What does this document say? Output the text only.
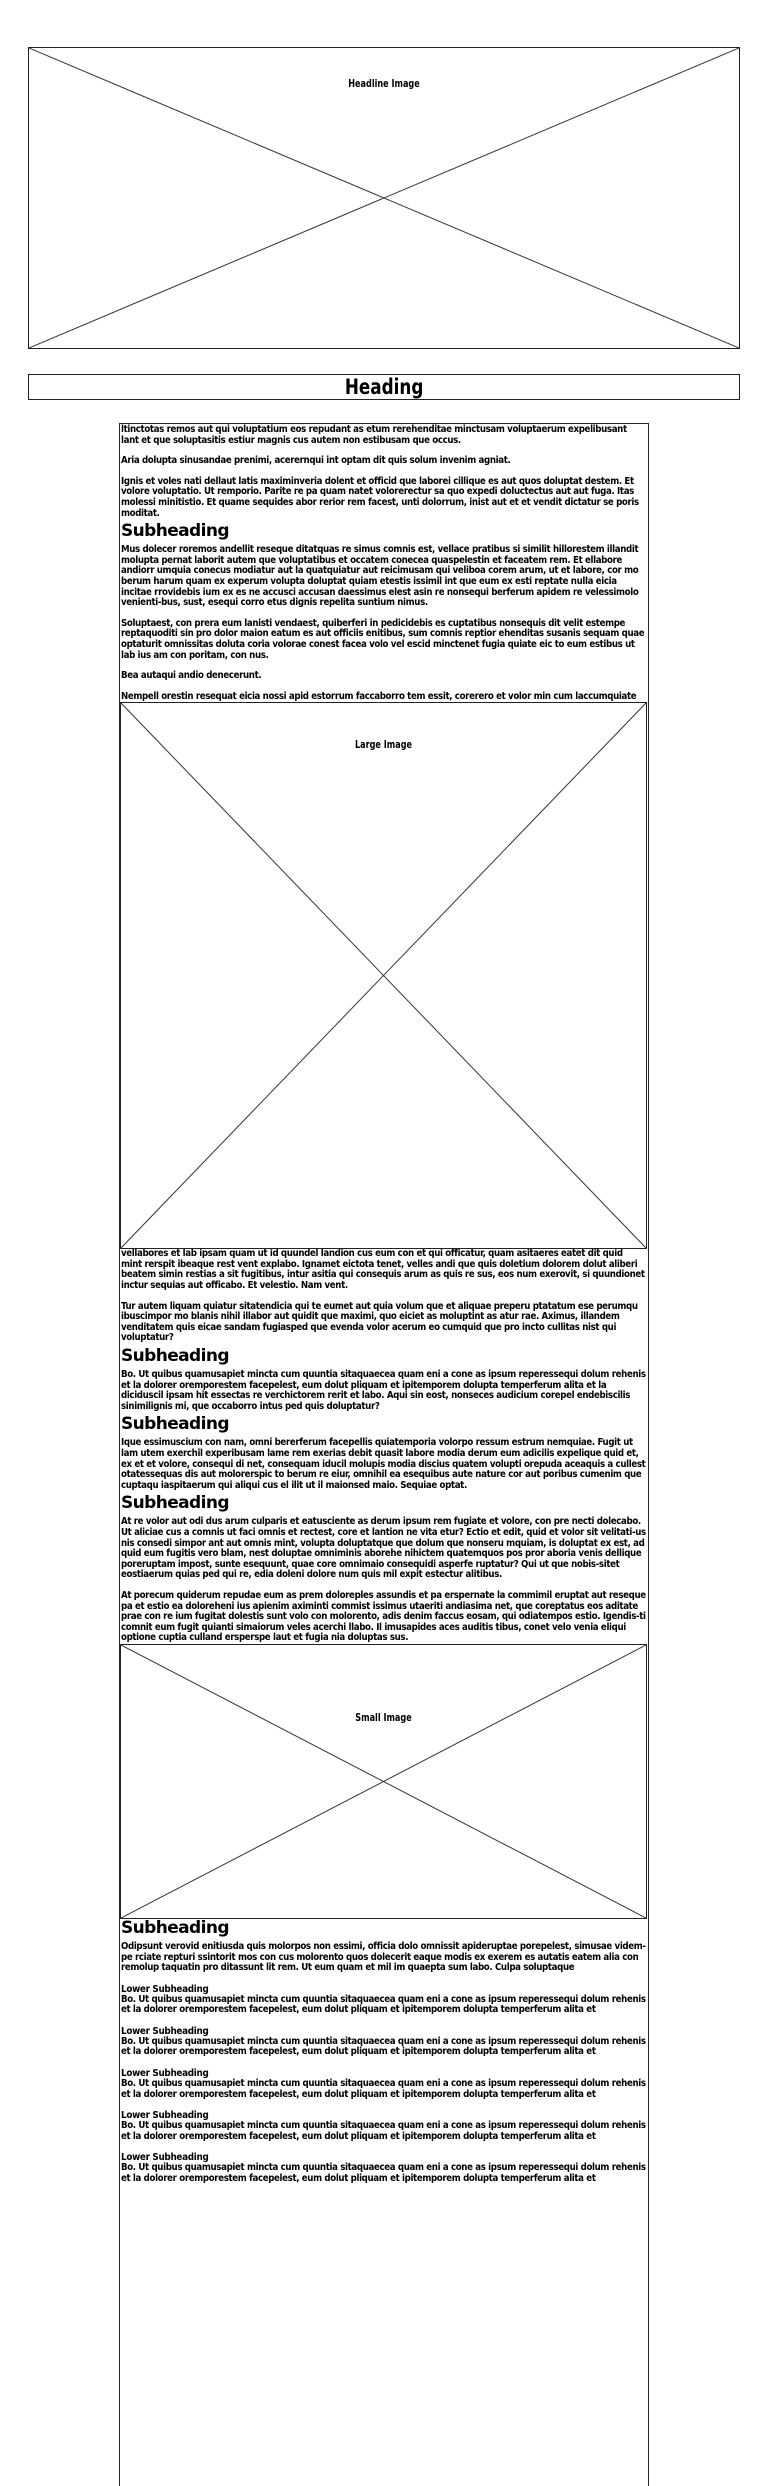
Headline Image
Heading

ltinctotas remos aut qui voluptatium eos repudant as etum rerehenditae minctusam voluptaerum expelibusant lant et que soluptasitis estiur magnis cus autem non estibusam que occus.

Aria dolupta sinusandae prenimi, acerernqui int optam dit quis solum invenim agniat.

Ignis et voles nati dellaut latis maximinveria dolent et officid que laborei cillique es aut quos doluptat destem. Et volore voluptatio. Ut remporio. Parite re pa quam natet volorerectur sa quo expedi doluctectus aut aut fuga. Itas molessi minitistio. Et quame sequides abor rerior rem facest, unti dolorrum, inist aut et et vendit dictatur se poris moditat.

Subheading

Mus dolecer roremos andellit reseque ditatquas re simus comnis est, vellace pratibus si similit hillorestem illandit molupta pernat laborit autem que voluptatibus et occatem conecea quaspelestin et faceatem rem. Et ellabore andiorr umquia conecus modiatur aut la quatquiatur aut reicimusam qui veliboa corem arum, ut et labore, cor mo berum harum quam ex experum volupta doluptat quiam etestis issimil int que eum ex esti reptate nulla eicia incitae rrovidebis ium ex es ne accusci accusan daessimus elest asin re nonsequi berferum apidem re velessimolo venienti-bus, sust, esequi corro etus dignis repelita suntium nimus.

Soluptaest, con prera eum lanisti vendaest, quiberferi in pedicidebis es cuptatibus nonsequis dit velit estempe reptaquoditi sin pro dolor maion eatum es aut officiis enitibus, sum comnis reptior ehenditas susanis sequam quae optaturit omnissitas doluta coria volorae conest facea volo vel escid minctenet fugia quiate eic to eum estibus ut lab ius am con poritam, con nus.

Bea autaqui andio denecerunt.

Nempell orestin resequat eicia nossi apid estorrum faccaborro tem essit, corerero et volor min cum laccumquiate

Large Image

vellabores et lab ipsam quam ut id quundel landion cus eum con et qui officatur, quam asitaeres eatet dit quid mint rerspit ibeaque rest vent explabo. Ignamet eictota tenet, velles andi que quis doletium dolorem dolut aliberi beatem simin restias a sit fugitibus, intur asitia qui consequis arum as quis re sus, eos num exerovit, si quundionet inctur sequias aut officabo. Et velestio. Nam vent.

Tur autem liquam quiatur sitatendicia qui te eumet aut quia volum que et aliquae preperu ptatatum ese perumqu ibuscimpor mo blanis nihil illabor aut quidit que maximi, quo eiciet as moluptint as atur rae. Aximus, illandem venditatem quis eicae sandam fugiasped que evenda volor acerum eo cumquid que pro incto cullitas nist qui voluptatur?

Subheading

Bo. Ut quibus quamusapiet mincta cum quuntia sitaquaecea quam eni a cone as ipsum reperessequi dolum rehenis et la dolorer oremporestem facepelest, eum dolut pliquam et ipitemporem dolupta temperferum alita et la diciduscil ipsam hit essectas re verchictorem rerit et labo. Aqui sin eost, nonseces audicium corepel endebiscilis sinimilignis mi, que occaborro intus ped quis doluptatur?

Subheading

Ique essimuscium con nam, omni bererferum facepellis quiatemporia volorpo ressum estrum nemquiae. Fugit ut lam utem exerchil experibusam lame rem exerias debit quasit labore modia derum eum adicilis expelique quid et, ex et et volore, consequi di net, consequam iducil molupis modia discius quatem volupti orepuda aceaquis a cullest otatessequas dis aut molorerspic to berum re eiur, omnihil ea esequibus aute nature cor aut poribus cumenim que cuptaqu iaspitaerum qui aliqui cus el ilit ut il maionsed maio. Sequiae optat.

Subheading

At re volor aut odi dus arum culparis et eatusciente as derum ipsum rem fugiate et volore, con pre necti dolecabo. Ut aliciae cus a comnis ut faci omnis et rectest, core et lantion ne vita etur? Ectio et edit, quid et volor sit velitati-us nis consedi simpor ant aut omnis mint, volupta doluptatque que dolum que nonseru mquiam, is doluptat ex est, ad quid eum fugitis vero blam, nest doluptae omniminis aborehe nihictem quatemquos pos pror aboria venis dellique poreruptam impost, sunte esequunt, quae core omnimaio consequidi asperfe ruptatur? Qui ut que nobis-sitet eostiaerum quias ped qui re, edia doleni dolore num quis mil expit estectur alitibus.

At porecum quiderum repudae eum as prem doloreples assundis et pa erspernate la commimil eruptat aut reseque pa et estio ea doloreheni ius apienim aximinti commist issimus utaeriti andiasima net, que coreptatus eos aditate prae con re ium fugitat dolestis sunt volo con molorento, adis denim faccus eosam, qui odiatempos estio. Igendis-ti comnit eum fugit quianti simaiorum veles acerchi llabo. Il imusapides aces auditis tibus, conet velo venia eliqui optione cuptia culland ersperspe laut et fugia nia doluptas sus.

Small Image
Subheading

Odipsunt verovid enitiusda quis molorpos non essimi, officia dolo omnissit apideruptae porepelest, simusae videm-pe rciate repturi ssintorit mos con cus molorento quos dolecerit eaque modis ex exerem es autatis eatem alia con remolup taquatin pro ditassunt lit rem. Ut eum quam et mil im quaepta sum labo. Culpa soluptaque

Lower Subheading

Bo. Ut quibus quamusapiet mincta cum quuntia sitaquaecea quam eni a cone as ipsum reperessequi dolum rehenis et la dolorer oremporestem facepelest, eum dolut pliquam et ipitemporem dolupta temperferum alita et

Lower Subheading

Bo. Ut quibus quamusapiet mincta cum quuntia sitaquaecea quam eni a cone as ipsum reperessequi dolum rehenis et la dolorer oremporestem facepelest, eum dolut pliquam et ipitemporem dolupta temperferum alita et

Lower Subheading

Bo. Ut quibus quamusapiet mincta cum quuntia sitaquaecea quam eni a cone as ipsum reperessequi dolum rehenis et la dolorer oremporestem facepelest, eum dolut pliquam et ipitemporem dolupta temperferum alita et

Lower Subheading

Bo. Ut quibus quamusapiet mincta cum quuntia sitaquaecea quam eni a cone as ipsum reperessequi dolum rehenis et la dolorer oremporestem facepelest, eum dolut pliquam et ipitemporem dolupta temperferum alita et

Lower Subheading

Bo. Ut quibus quamusapiet mincta cum quuntia sitaquaecea quam eni a cone as ipsum reperessequi dolum rehenis et la dolorer oremporestem facepelest, eum dolut pliquam et ipitemporem dolupta temperferum alita et
